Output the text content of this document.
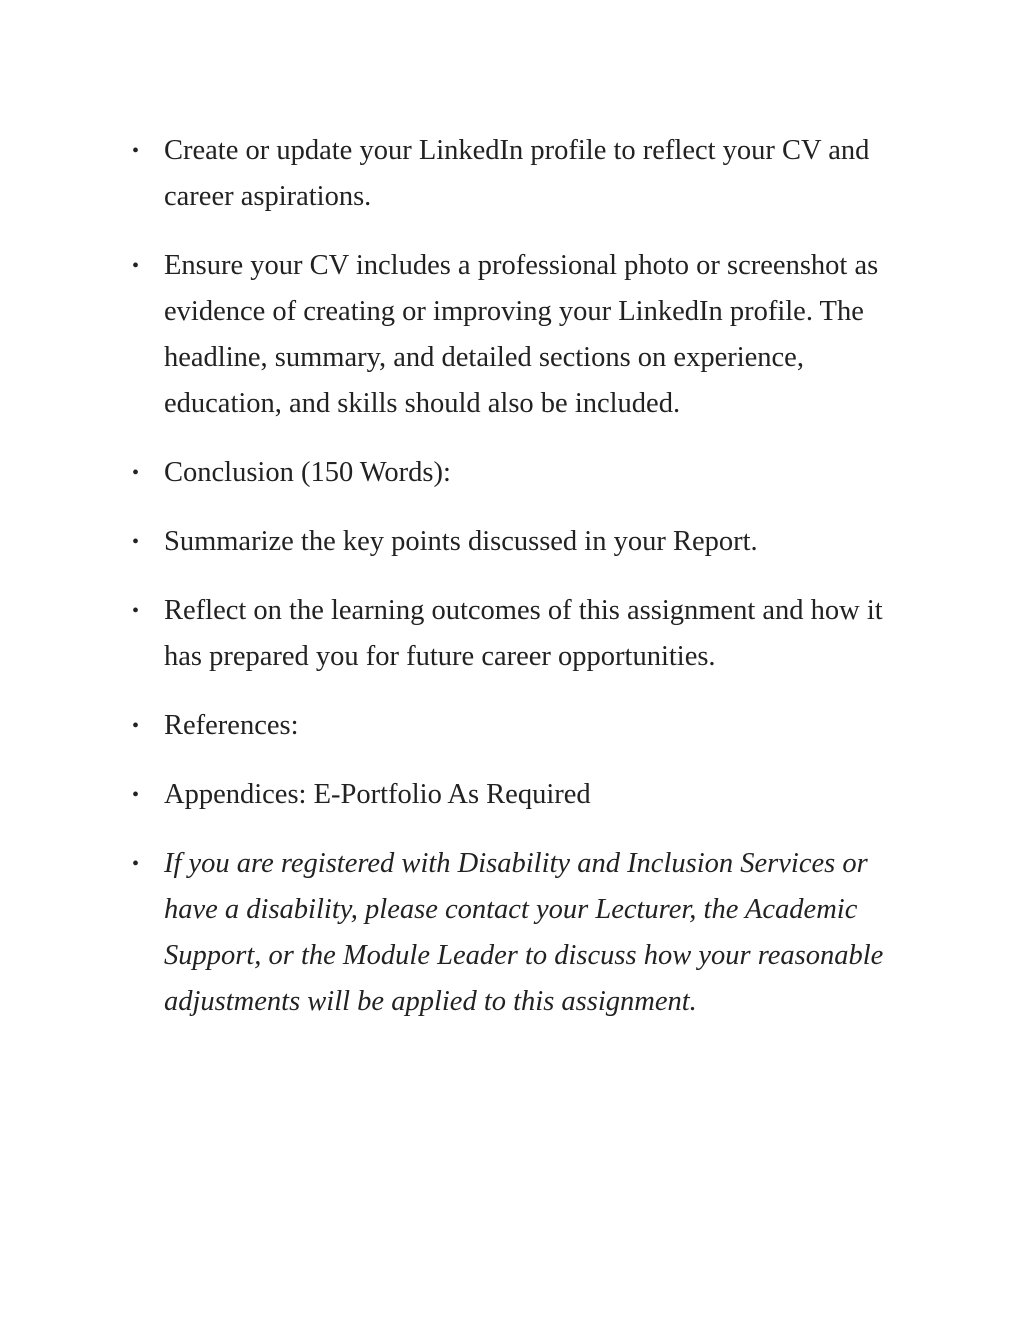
• Create or update your LinkedIn profile to reflect your CV and career aspirations.
• Ensure your CV includes a professional photo or screenshot as evidence of creating or improving your LinkedIn profile. The headline, summary, and detailed sections on experience, education, and skills should also be included.
• Conclusion (150 Words):
• Summarize the key points discussed in your Report.
• Reflect on the learning outcomes of this assignment and how it has prepared you for future career opportunities.
• References:
• Appendices: E-Portfolio As Required
• If you are registered with Disability and Inclusion Services or have a disability, please contact your Lecturer, the Academic Support, or the Module Leader to discuss how your reasonable adjustments will be applied to this assignment.
